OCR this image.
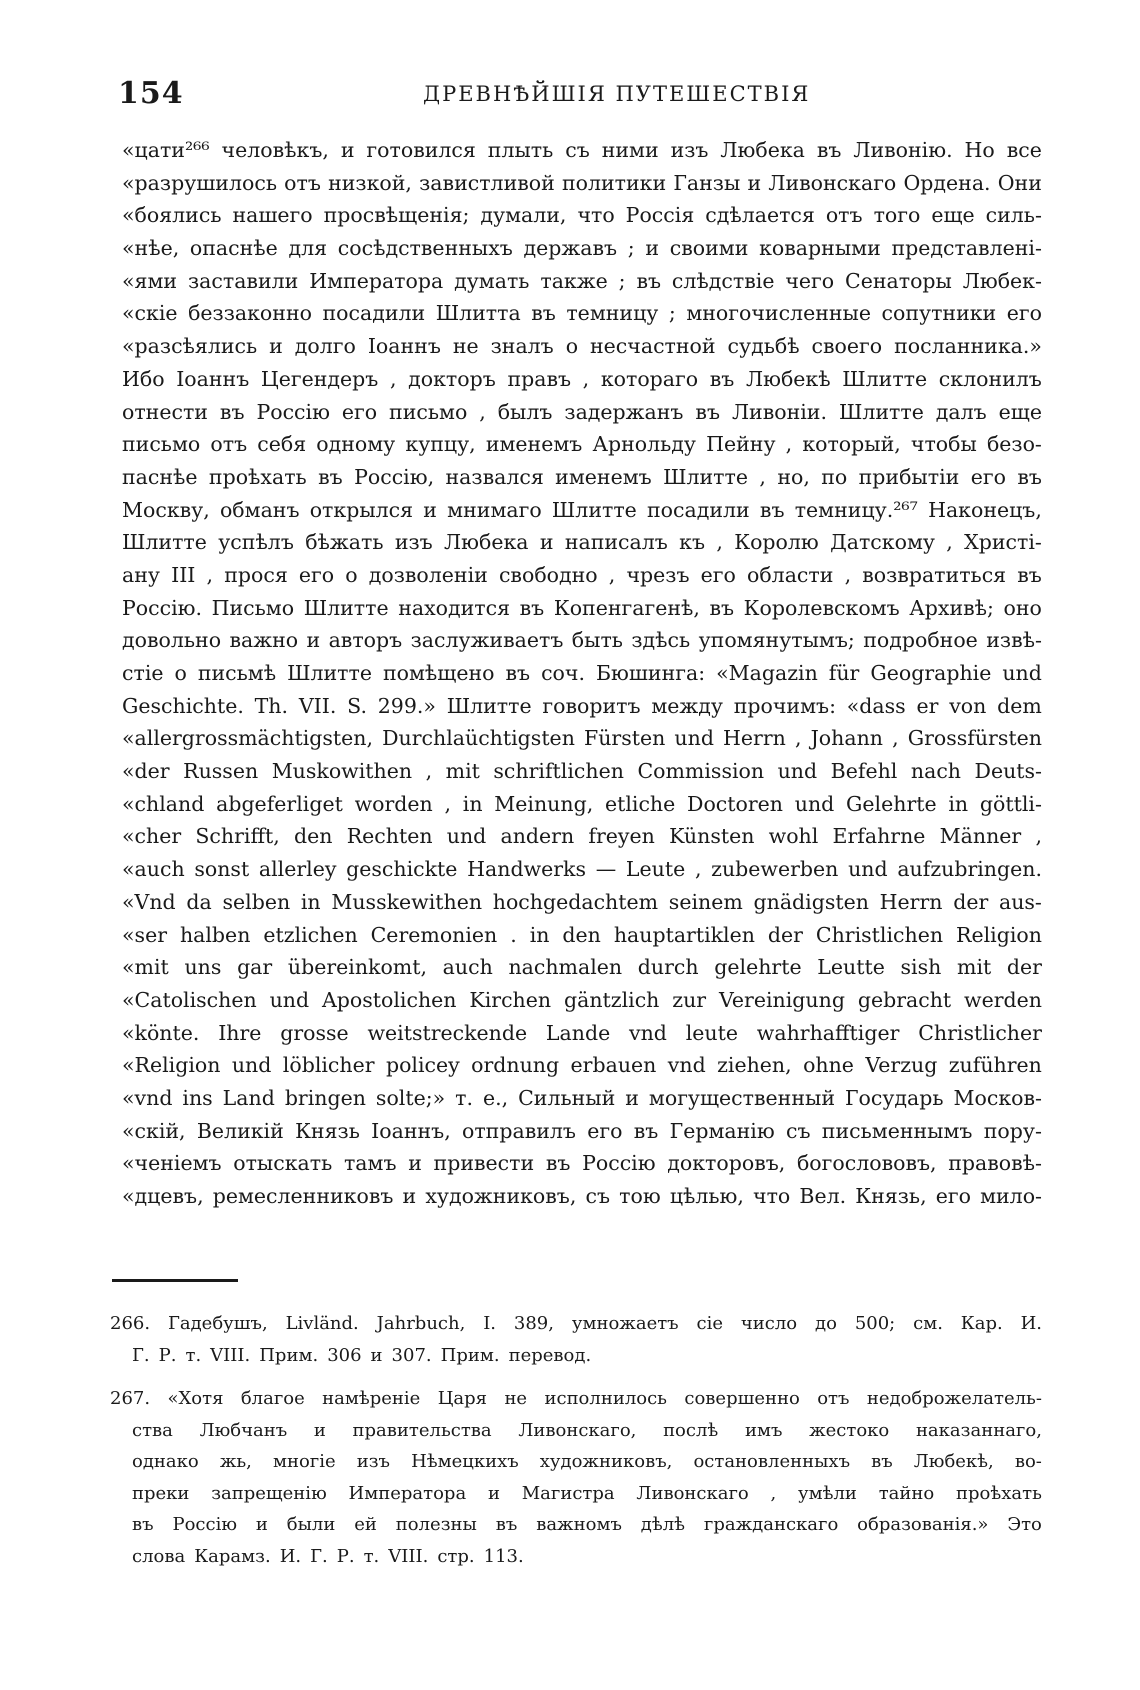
154	ДРЕВНѢЙШІЯ ПУТЕШЕСТВІЯ
«цати²⁶⁶ человѣкъ, и готовился плыть съ ними изъ Любека въ Ливонію. Но все
«разрушилось отъ низкой, завистливой политики Ганзы и Ливонскаго Ордена. Они
«боялись нашего просвѣщенія; думали, что Россія сдѣлается отъ того еще силь-
«нѣе, опаснѣе для сосѣдственныхъ державъ ; и своими коварными представлені-
«ями заставили Императора думать также ; въ слѣдствіе чего Сенаторы Любек-
«скіе беззаконно посадили Шлитта въ темницу ; многочисленные сопутники его
«разсѣялись и долго Іоаннъ не зналъ о несчастной судьбѣ своего посланника.»
Ибо Іоаннъ Цегендеръ , докторъ правъ , котораго въ Любекѣ Шлитте склонилъ
отнести въ Россію его письмо , былъ задержанъ въ Ливоніи. Шлитте далъ еще
письмо отъ себя одному купцу, именемъ Арнольду Пейну , который, чтобы безо-
паснѣе проѣхать въ Россію, назвался именемъ Шлитте , но, по прибытіи его въ
Москву, обманъ открылся и мнимаго Шлитте посадили въ темницу.²⁶⁷ Наконецъ,
Шлитте успѣлъ бѣжать изъ Любека и написалъ къ , Королю Датскому , Христі-
ану III , прося его о дозволеніи свободно , чрезъ его области , возвратиться въ
Россію. Письмо Шлитте находится въ Копенгагенѣ, въ Королевскомъ Архивѣ; оно
довольно важно и авторъ заслуживаетъ быть здѣсь упомянутымъ; подробное извѣ-
стіе о письмѣ Шлитте помѣщено въ соч. Бюшинга: «Magazin für Geographie und
Geschichte. Th. VII. S. 299.» Шлитте говоритъ между прочимъ: «dass er von dem
«allergrossmächtigsten, Durchlaüchtigsten Fürsten und Herrn , Johann , Grossfürsten
«der Russen Muskowithen , mit schriftlichen Commission und Befehl nach Deuts-
«chland abgeferliget worden , in Meinung, etliche Doctoren und Gelehrte in göttli-
«cher Schrifft, den Rechten und andern freyen Künsten wohl Erfahrne Männer ,
«auch sonst allerley geschickte Handwerks — Leute , zubewerben und aufzubringen.
«Vnd da selben in Musskewithen hochgedachtem seinem gnädigsten Herrn der aus-
«ser halben etzlichen Ceremonien . in den hauptartiklen der Christlichen Religion
«mit uns gar übereinkomt, auch nachmalen durch gelehrte Leutte sish mit der
«Catolischen und Apostolichen Kirchen gäntzlich zur Vereinigung gebracht werden
«könte. Ihre grosse weitstreckende Lande vnd leute wahrhafftiger Christlicher
«Religion und löblicher policey ordnung erbauen vnd ziehen, ohne Verzug zuführen
«vnd ins Land bringen solte;» т. е., Сильный и могущественный Государь Москов-
«скій, Великій Князь Іоаннъ, отправилъ его въ Германію съ письменнымъ пору-
«ченіемъ отыскать тамъ и привести въ Россію докторовъ, богослововъ, правовѣ-
«дцевъ, ремесленниковъ и художниковъ, съ тою цѣлью, что Вел. Князь, его мило-
266. Гадебушъ, Livländ. Jahrbuch, I. 389, умножаетъ сіе число до 500; см. Кар. И.
Г. Р. т. VIII. Прим. 306 и 307. Прим. перевод.
267. «Хотя благое намѣреніе Царя не исполнилось совершенно отъ недоброжелатель-
ства Любчанъ и правительства Ливонскаго, послѣ имъ жестоко наказаннаго,
однако жь, многіе изъ Нѣмецкихъ художниковъ, остановленныхъ въ Любекѣ, во-
преки запрещенію Императора и Магистра Ливонскаго , умѣли тайно проѣхать
въ Россію и были ей полезны въ важномъ дѣлѣ гражданскаго образованія.» Это
слова Карамз. И. Г. Р. т. VIII. стр. 113.
